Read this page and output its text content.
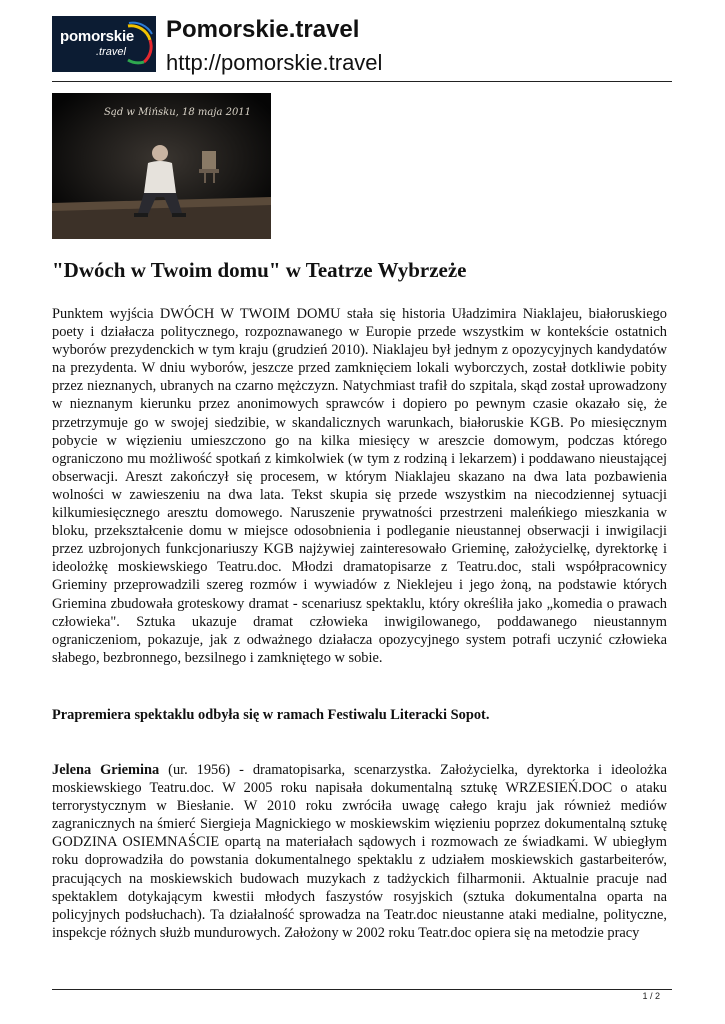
pomorskie
.travel
Pomorskie.travel
http://pomorskie.travel
Sąd w Mińsku, 18 maja 2011
"Dwóch w Twoim domu" w Teatrze Wybrzeże

Punktem wyjścia DWÓCH W TWOIM DOMU stała się historia Uładzimira Niaklajeu, białoruskiego poety i działacza politycznego, rozpoznawanego w Europie przede wszystkim w kontekście ostatnich wyborów prezydenckich w tym kraju (grudzień 2010). Niaklajeu był jednym z opozycyjnych kandydatów na prezydenta. W dniu wyborów, jeszcze przed zamknięciem lokali wyborczych, został dotkliwie pobity przez nieznanych, ubranych na czarno mężczyzn. Natychmiast trafił do szpitala, skąd został uprowadzony w nieznanym kierunku przez anonimowych sprawców i dopiero po pewnym czasie okazało się, że przetrzymuje go w swojej siedzibie, w skandalicznych warunkach, białoruskie KGB. Po miesięcznym pobycie w więzieniu umieszczono go na kilka miesięcy w areszcie domowym, podczas którego ograniczono mu możliwość spotkań z kimkolwiek (w tym z rodziną i lekarzem) i poddawano nieustającej obserwacji. Areszt zakończył się procesem, w którym Niaklajeu skazano na dwa lata pozbawienia wolności w zawieszeniu na dwa lata. Tekst skupia się przede wszystkim na niecodziennej sytuacji kilkumiesięcznego aresztu domowego. Naruszenie prywatności przestrzeni maleńkiego mieszkania w bloku, przekształcenie domu w miejsce odosobnienia i podleganie nieustannej obserwacji i inwigilacji przez uzbrojonych funkcjonariuszy KGB najżywiej zainteresowało Grieminę, założycielkę, dyrektorkę i ideolożkę moskiewskiego Teatru.doc. Młodzi dramatopisarze z Teatru.doc, stali współpracownicy Grieminy przeprowadzili szereg rozmów i wywiadów z Nieklejeu i jego żoną, na podstawie których Griemina zbudowała groteskowy dramat - scenariusz spektaklu, który określiła jako „komedia o prawach człowieka". Sztuka ukazuje dramat człowieka inwigilowanego, poddawanego nieustannym ograniczeniom, pokazuje, jak z odważnego działacza opozycyjnego system potrafi uczynić człowieka słabego, bezbronnego, bezsilnego i zamkniętego w sobie.

Prapremiera spektaklu odbyła się w ramach Festiwalu Literacki Sopot.

Jelena Griemina (ur. 1956) - dramatopisarka, scenarzystka. Założycielka, dyrektorka i ideolożka moskiewskiego Teatru.doc. W 2005 roku napisała dokumentalną sztukę WRZESIEŃ.DOC o ataku terrorystycznym w Biesłanie. W 2010 roku zwróciła uwagę całego kraju jak również mediów zagranicznych na śmierć Siergieja Magnickiego w moskiewskim więzieniu poprzez dokumentalną sztukę GODZINA OSIEMNAŚCIE opartą na materiałach sądowych i rozmowach ze świadkami. W ubiegłym roku doprowadziła do powstania dokumentalnego spektaklu z udziałem moskiewskich gastarbeiterów, pracujących na moskiewskich budowach muzykach z tadżyckich filharmonii. Aktualnie pracuje nad spektaklem dotykającym kwestii młodych faszystów rosyjskich (sztuka dokumentalna oparta na policyjnych podsłuchach). Ta działalność sprowadza na Teatr.doc nieustanne ataki medialne, polityczne, inspekcje różnych służb mundurowych. Założony w 2002 roku Teatr.doc opiera się na metodzie pracy

1 / 2
